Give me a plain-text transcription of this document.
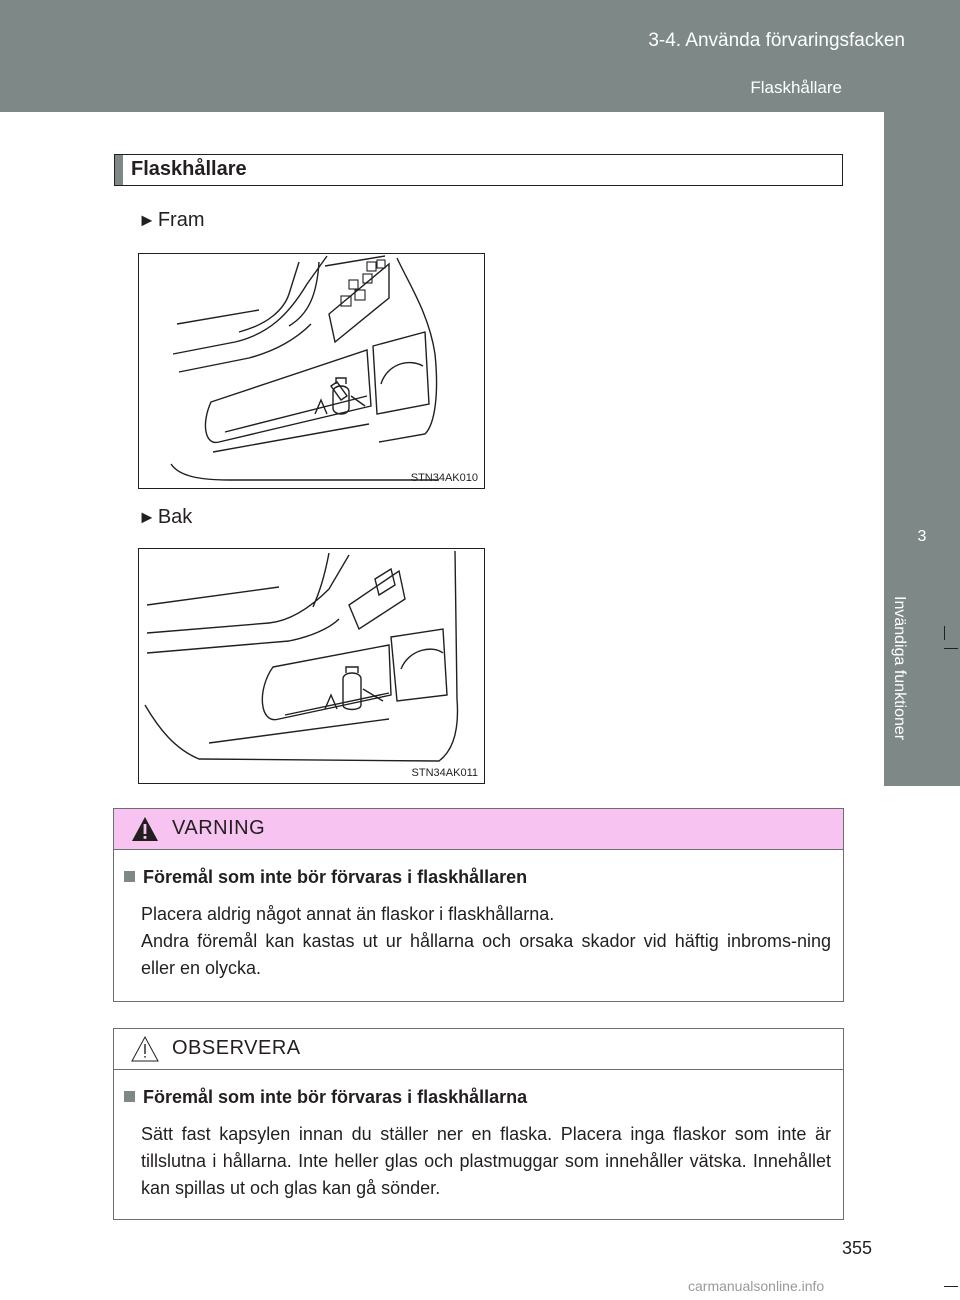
3-4. Använda förvaringsfacken
Flaskhållare
3
Invändiga funktioner
Flaskhållare
► Fram
STN34AK010
► Bak
STN34AK011
VARNING
Föremål som inte bör förvaras i flaskhållaren
Placera aldrig något annat än flaskor i flaskhållarna.
Andra föremål kan kastas ut ur hållarna och orsaka skador vid häftig inbroms-ning eller en olycka.
OBSERVERA
Föremål som inte bör förvaras i flaskhållarna
Sätt fast kapsylen innan du ställer ner en flaska. Placera inga flaskor som inte är tillslutna i hållarna. Inte heller glas och plastmuggar som innehåller vätska. Innehållet kan spillas ut och glas kan gå sönder.
355
carmanualsonline.info
